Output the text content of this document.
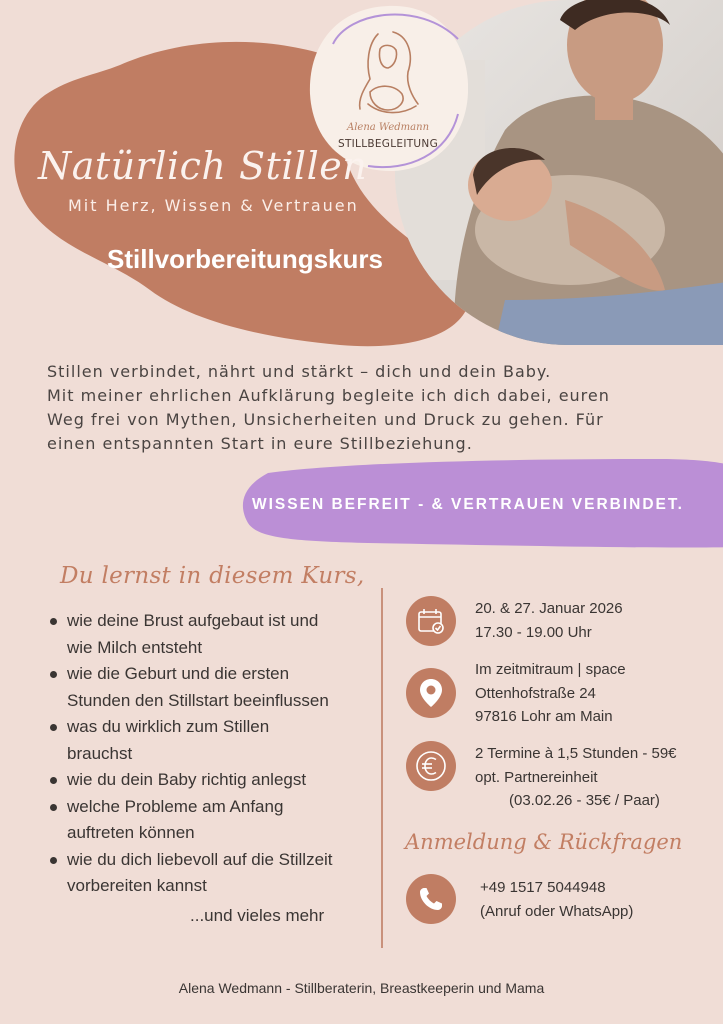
Alena Wedmann
STILLBEGLEITUNG
Natürlich Stillen
Mit Herz, Wissen & Vertrauen
Stillvorbereitungskurs
Stillen verbindet, nährt und stärkt – dich und dein Baby.
Mit meiner ehrlichen Aufklärung begleite ich dich dabei, euren
Weg frei von Mythen, Unsicherheiten und Druck zu gehen. Für
einen entspannten Start in eure Stillbeziehung.
WISSEN BEFREIT - & VERTRAUEN VERBINDET.
Du lernst in diesem Kurs,
wie deine Brust aufgebaut ist und
wie Milch entsteht
wie die Geburt und die ersten
Stunden den Stillstart beeinflussen
was du wirklich zum Stillen
brauchst
wie du dein Baby richtig anlegst
welche Probleme am Anfang
auftreten können
wie du dich liebevoll auf die Stillzeit
vorbereiten kannst
...und vieles mehr
20. & 27. Januar 2026
17.30 - 19.00 Uhr
Im zeitmitraum | space
Ottenhofstraße 24
97816 Lohr am Main
2 Termine à 1,5 Stunden - 59€
opt. Partnereinheit
(03.02.26 - 35€ / Paar)
Anmeldung & Rückfragen
+49 1517 5044948
(Anruf oder WhatsApp)
Alena Wedmann - Stillberaterin, Breastkeeperin und Mama
